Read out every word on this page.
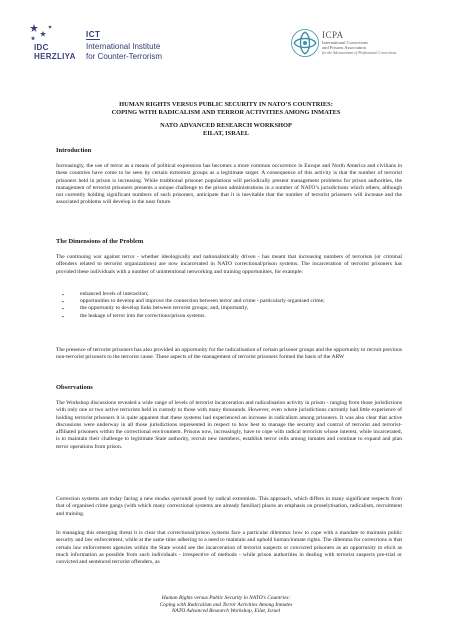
IDC HERZLIYA
ICT
International Institute
for Counter-Terrorism
ICPA
International Corrections
and Prisons Association
for the Advancement of Professional Corrections
HUMAN RIGHTS VERSUS PUBLIC SECURITY IN NATO’S COUNTRIES:
COPING WITH RADICALISM AND TERROR ACTIVITIES AMONG INMATES
NATO ADVANCED RESEARCH WORKSHOP
EILAT, ISRAEL
Introduction

Increasingly, the use of terror as a means of political expression has becomes a more common occurrence in Europe and North America and civilians in these countries have come to be seen by certain extremist groups as a legitimate target. A consequence of this activity is that the number of terrorist prisoners held in prison is increasing. While traditional prisoner populations will periodically present management problems for prison authorities, the management of terrorist prisoners presents a unique challenge to the prison administrations in a number of NATO’s jurisdictions which others, although not currently holding significant numbers of such prisoners, anticipate that it is inevitable that the number of terrorist prisoners will increase and the associated problems will develop in the near future.

The Dimensions of the Problem

The continuing war against terror - whether ideologically and nationalistically driven - has meant that increasing numbers of terrorists (or criminal offenders related to terrorist organizations) are now incarcerated in NATO correctional/prison systems. The incarceration of terrorist prisoners has provided these individuals with a number of unintentional networking and training opportunities, for example:

▪ enhanced levels of interaction;
▪ opportunities to develop and improve the connection between terror and crime - particularly organised crime;
▪ the opportunity to develop links between terrorist groups; and, importantly,
▪ the leakage of terror into the corrections/prison systems.

The presence of terrorist prisoners has also provided an opportunity for the radicalisation of certain prisoner groups and the opportunity to recruit previous non-terrorist prisoners to the terrorist cause. These aspects of the management of terrorist prisoners formed the basis of the ARW

Observations

The Workshop discussions revealed a wide range of levels of terrorist incarceration and radicalisation activity in prison - ranging from those jurisdictions with only one or two active terrorists held in custody to those with many thousands. However, even where jurisdictions currently had little experience of holding terrorist prisoners it is quite apparent that these systems had experienced an increase in radicalism among prisoners. It was also clear that active discussions were underway in all those jurisdictions represented in respect to how best to manage the security and control of terrorist and terrorist-affiliated prisoners within the correctional environment. Prisons now, increasingly, have to cope with radical terrorists whose interest, while incarcerated, is to maintain their challenge to legitimate State authority, recruit new members, establish terror cells among inmates and continue to expand and plan terror operations from prison.

Correction systems are today facing a new modus operandi posed by radical extremists. This approach, which differs in many significant respects from that of organised crime gangs (with which many correctional systems are already familiar) places an emphasis on proselytisation, radicalism, recruitment and training.

In managing this emerging threat it is clear that correctional/prison systems face a particular dilemma: how to cope with a mandate to maintain public security and law enforcement, while at the same time adhering to a need to maintain and uphold human/inmate rights. The dilemma for corrections is that certain law enforcement agencies within the State would see the incarceration of terrorist suspects or convicted prisoners as an opportunity to elicit as much information as possible from such individuals - irrespective of methods - while prison authorities in dealing with terrorist suspects pre-trial or convicted and sentenced terrorist offenders, as

Human Rights versus Public Security in NATO’s Countries:
Coping with Radicalism and Terror Activities Among Inmates
NATO Advanced Research Workshop, Eilat, Israel
